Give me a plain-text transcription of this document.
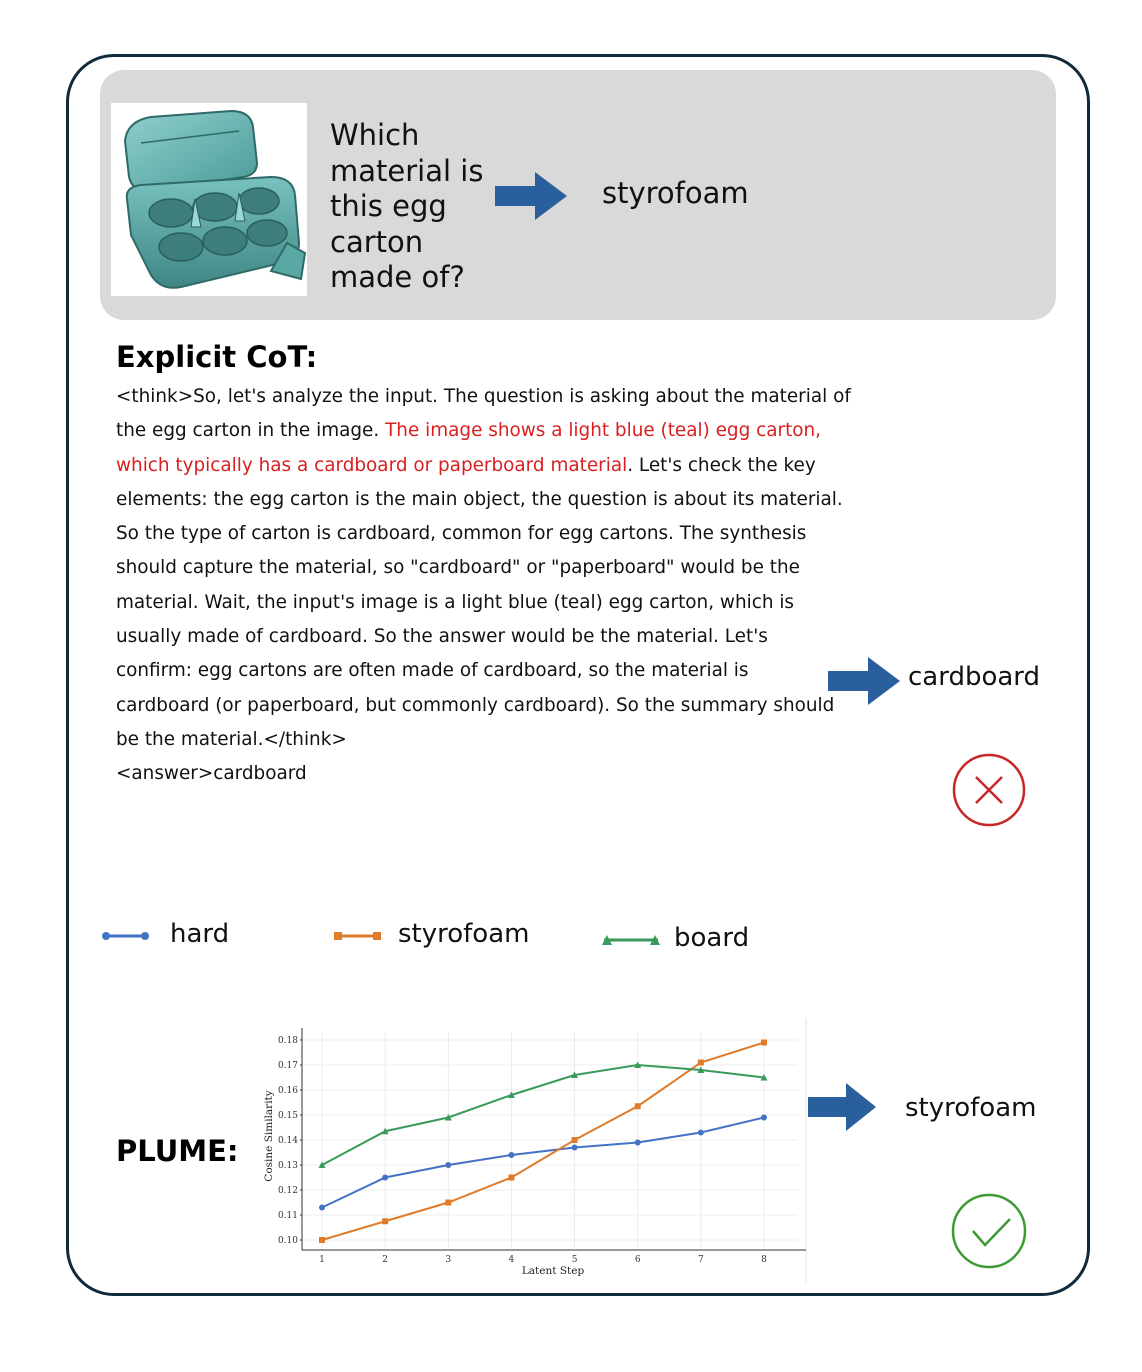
Which material is this egg carton made of?
styrofoam
Explicit CoT:
<think>So, let's analyze the input. The question is asking about the material of
the egg carton in the image. The image shows a light blue (teal) egg carton,
which typically has a cardboard or paperboard material. Let's check the key
elements: the egg carton is the main object, the question is about its material.
So the type of carton is cardboard, common for egg cartons. The synthesis
should capture the material, so "cardboard" or "paperboard" would be the
material. Wait, the input's image is a light blue (teal) egg carton, which is
usually made of cardboard. So the answer would be the material. Let's
confirm: egg cartons are often made of cardboard, so the material is
cardboard (or paperboard, but commonly cardboard). So the summary should
be the material.</think>
<answer>cardboard
cardboard
hard	styrofoam	board
PLUME:
0.10
0.11
0.12
0.13
0.14
0.15
0.16
0.17
0.18
1	2	3	4	5	6	7	8
Latent Step
Cosine Similarity	styrofoam
